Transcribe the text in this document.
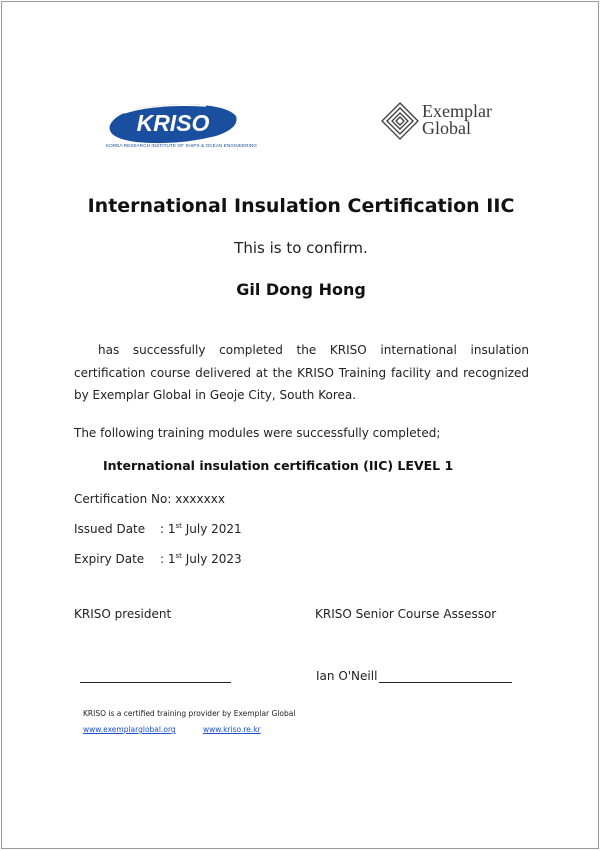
KRISO
KOREA RESEARCH INSTITUTE OF SHIPS & OCEAN ENGINEERING
Exemplar
Global
International Insulation Certification IIC
This is to confirm.
Gil Dong Hong
has successfully completed the KRISO international insulation certification course delivered at the KRISO Training facility and recognized by Exemplar Global in Geoje City, South Korea.
The following training modules were successfully completed;
International insulation certification (IIC) LEVEL 1
Certification No: xxxxxxx
Issued Date : 1st July 2021
Expiry Date : 1st July 2023
KRISO president	KRISO Senior Course Assessor
Ian O'Neill
KRISO is a certified training provider by Exemplar Global
www.exemplarglobal.org	www.kriso.re.kr
